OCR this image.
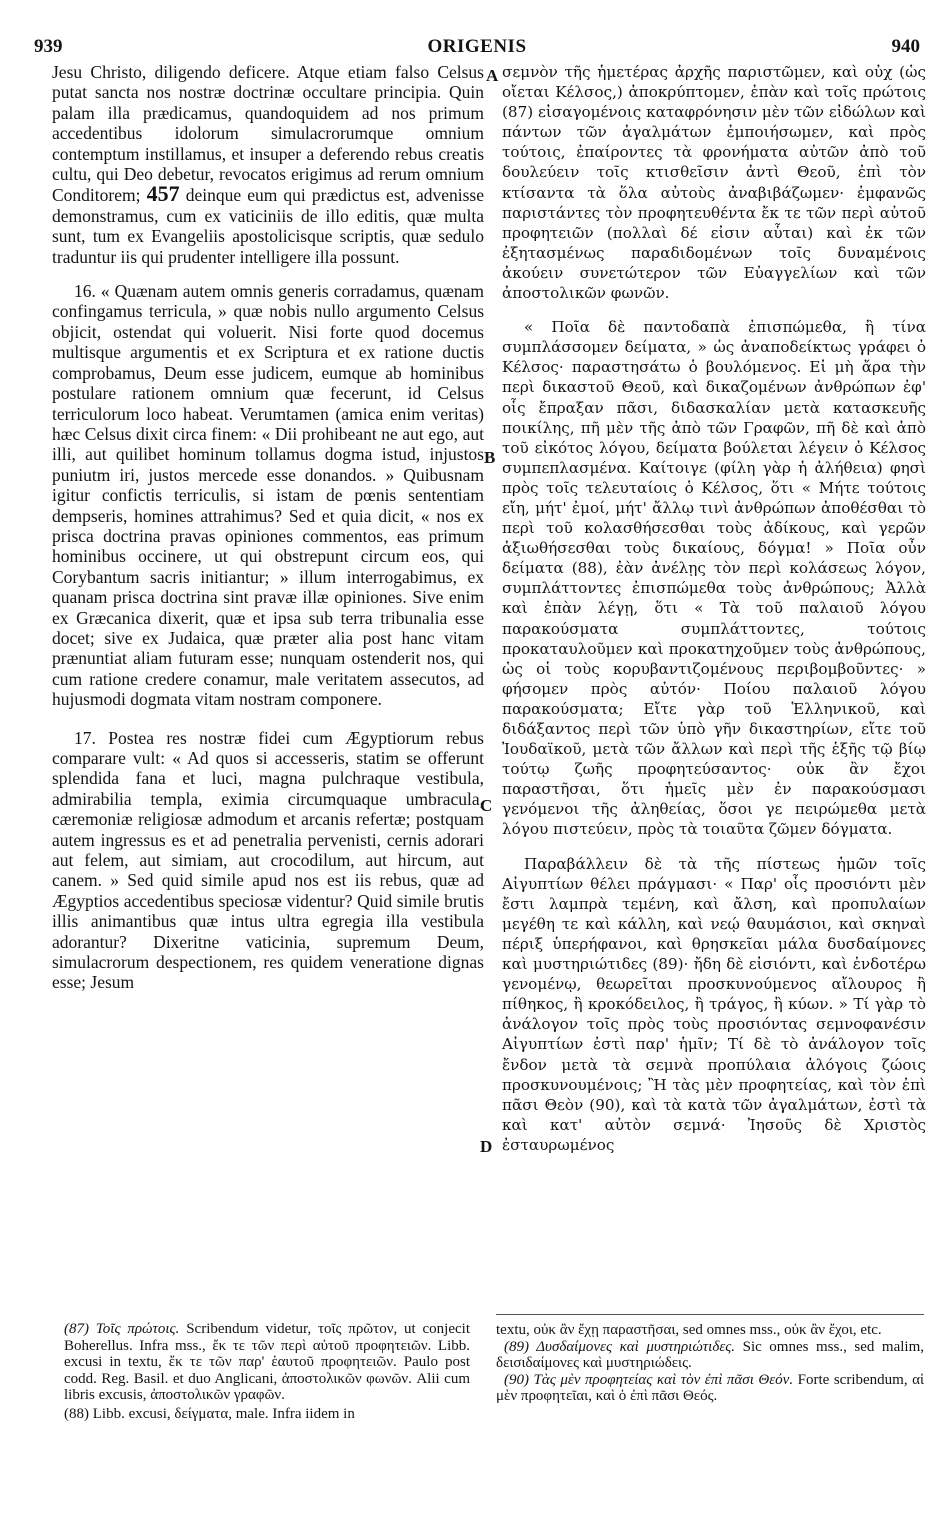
939	ORIGENIS	940

Jesu Christo, diligendo deficere. Atque etiam falso Celsus putat sancta nos nostræ doctrinæ occultare principia. Quin palam illa prædicamus, quandoquidem ad nos primum accedentibus idolorum simulacrorumque omnium contemptum instillamus, et insuper a deferendo rebus creatis cultu, qui Deo debetur, revocatos erigimus ad rerum omnium Conditorem; 457 deinque eum qui prædictus est, advenisse demonstramus, cum ex vaticiniis de illo editis, quæ multa sunt, tum ex Evangeliis apostolicisque scriptis, quæ sedulo traduntur iis qui prudenter intelligere illa possunt.

16. « Quænam autem omnis generis corradamus, quænam confingamus terricula, » quæ nobis nullo argumento Celsus objicit, ostendat qui voluerit. Nisi forte quod docemus multisque argumentis et ex Scriptura et ex ratione ductis comprobamus, Deum esse judicem, eumque ab hominibus postulare rationem omnium quæ fecerunt, id Celsus terriculorum loco habeat. Verumtamen (amica enim veritas) hæc Celsus dixit circa finem: « Dii prohibeant ne aut ego, aut illi, aut quilibet hominum tollamus dogma istud, injustos puniutm iri, justos mercede esse donandos. » Quibusnam igitur confictis terriculis, si istam de pœnis sententiam dempseris, homines attrahimus? Sed et quia dicit, « nos ex prisca doctrina pravas opiniones commentos, eas primum hominibus occinere, ut qui obstrepunt circum eos, qui Corybantum sacris initiantur; » illum interrogabimus, ex quanam prisca doctrina sint pravæ illæ opiniones. Sive enim ex Græcanica dixerit, quæ et ipsa sub terra tribunalia esse docet; sive ex Judaica, quæ præter alia post hanc vitam prænuntiat aliam futuram esse; nunquam ostenderit nos, qui cum ratione credere conamur, male veritatem assecutos, ad hujusmodi dogmata vitam nostram componere.

17. Postea res nostræ fidei cum Ægyptiorum rebus comparare vult: « Ad quos si accesseris, statim se offerunt splendida fana et luci, magna pulchraque vestibula, admirabilia templa, eximia circumquaque umbracula, cæremoniæ religiosæ admodum et arcanis refertæ; postquam autem ingressus es et ad penetralia pervenisti, cernis adorari aut felem, aut simiam, aut crocodilum, aut hircum, aut canem. » Sed quid simile apud nos est iis rebus, quæ ad Ægyptios accedentibus speciosæ videntur? Quid simile brutis illis animantibus quæ intus ultra egregia illa vestibula adorantur? Dixeritne vaticinia, supremum Deum, simulacrorum despectionem, res quidem veneratione dignas esse; Jesum

A
B
C
D

σεμνὸν τῆς ἡμετέρας ἀρχῆς παριστῶμεν, καὶ οὐχ (ὡς οἴεται Κέλσος,) ἀποκρύπτομεν, ἐπὰν καὶ τοῖς πρώτοις (87) εἰσαγομένοις καταφρόνησιν μὲν τῶν εἰδώλων καὶ πάντων τῶν ἀγαλμάτων ἐμποιήσωμεν, καὶ πρὸς τούτοις, ἐπαίροντες τὰ φρονήματα αὐτῶν ἀπὸ τοῦ δουλεύειν τοῖς κτισθεῖσιν ἀντὶ Θεοῦ, ἐπὶ τὸν κτίσαντα τὰ ὅλα αὐτοὺς ἀναβιβάζωμεν· ἐμφανῶς παριστάντες τὸν προφητευθέντα ἔκ τε τῶν περὶ αὐτοῦ προφητειῶν (πολλαὶ δέ εἰσιν αὗται) καὶ ἐκ τῶν ἐξητασμένως παραδιδομένων τοῖς δυναμένοις ἀκούειν συνετώτερον τῶν Εὐαγγελίων καὶ τῶν ἀποστολικῶν φωνῶν.

« Ποῖα δὲ παντοδαπὰ ἐπισπώμεθα, ἢ τίνα συμπλάσσομεν δείματα, » ὡς ἀναποδείκτως γράφει ὁ Κέλσος· παραστησάτω ὁ βουλόμενος. Εἰ μὴ ἄρα τὴν περὶ δικαστοῦ Θεοῦ, καὶ δικαζομένων ἀνθρώπων ἐφ' οἷς ἔπραξαν πᾶσι, διδασκαλίαν μετὰ κατασκευῆς ποικίλης, πῆ μὲν τῆς ἀπὸ τῶν Γραφῶν, πῆ δὲ καὶ ἀπὸ τοῦ εἰκότος λόγου, δείματα βούλεται λέγειν ὁ Κέλσος συμπεπλασμένα. Καίτοιγε (φίλη γὰρ ἡ ἀλήθεια) φησὶ πρὸς τοῖς τελευταίοις ὁ Κέλσος, ὅτι « Μήτε τούτοις εἴη, μήτ' ἐμοί, μήτ' ἄλλῳ τινὶ ἀνθρώπων ἀποθέσθαι τὸ περὶ τοῦ κολασθήσεσθαι τοὺς ἀδίκους, καὶ γερῶν ἀξιωθήσεσθαι τοὺς δικαίους, δόγμα! » Ποῖα οὖν δείματα (88), ἐὰν ἀνέλῃς τὸν περὶ κολάσεως λόγον, συμπλάττοντες ἐπισπώμεθα τοὺς ἀνθρώπους; Ἀλλὰ καὶ ἐπὰν λέγῃ, ὅτι « Τὰ τοῦ παλαιοῦ λόγου παρακούσματα συμπλάττοντες, τούτοις προκαταυλοῦμεν καὶ προκατηχοῦμεν τοὺς ἀνθρώπους, ὡς οἱ τοὺς κορυβαντιζομένους περιβομβοῦντες· » φήσομεν πρὸς αὐτόν· Ποίου παλαιοῦ λόγου παρακούσματα; Εἴτε γὰρ τοῦ Ἑλληνικοῦ, καὶ διδάξαντος περὶ τῶν ὑπὸ γῆν δικαστηρίων, εἴτε τοῦ Ἰουδαϊκοῦ, μετὰ τῶν ἄλλων καὶ περὶ τῆς ἑξῆς τῷ βίῳ τούτῳ ζωῆς προφητεύσαντος· οὐκ ἂν ἔχοι παραστῆσαι, ὅτι ἡμεῖς μὲν ἐν παρακούσμασι γενόμενοι τῆς ἀληθείας, ὅσοι γε πειρώμεθα μετὰ λόγου πιστεύειν, πρὸς τὰ τοιαῦτα ζῶμεν δόγματα.

Παραβάλλειν δὲ τὰ τῆς πίστεως ἡμῶν τοῖς Αἰγυπτίων θέλει πράγμασι· « Παρ' οἷς προσιόντι μὲν ἔστι λαμπρὰ τεμένη, καὶ ἄλση, καὶ προπυλαίων μεγέθη τε καὶ κάλλη, καὶ νεῴ θαυμάσιοι, καὶ σκηναὶ πέριξ ὑπερήφανοι, καὶ θρησκεῖαι μάλα δυσδαίμονες καὶ μυστηριώτιδες (89)· ἤδη δὲ εἰσιόντι, καὶ ἐνδοτέρω γενομένῳ, θεωρεῖται προσκυνούμενος αἴλουρος ἢ πίθηκος, ἢ κροκόδειλος, ἢ τράγος, ἢ κύων. » Τί γὰρ τὸ ἀνάλογον τοῖς πρὸς τοὺς προσιόντας σεμνοφανέσιν Αἰγυπτίων ἐστὶ παρ' ἡμῖν; Τί δὲ τὸ ἀνάλογον τοῖς ἔνδον μετὰ τὰ σεμνὰ προπύλαια ἀλόγοις ζώοις προσκυνουμένοις; Ἢ τὰς μὲν προφητείας, καὶ τὸν ἐπὶ πᾶσι Θεὸν (90), καὶ τὰ κατὰ τῶν ἀγαλμάτων, ἐστὶ τὰ καὶ κατ' αὐτὸν σεμνά· Ἰησοῦς δὲ Χριστὸς ἐσταυρωμένος

(87) Τοῖς πρώτοις. Scribendum videtur, τοῖς πρῶτον, ut conjecit Boherellus. Infra mss., ἔκ τε τῶν περὶ αὐτοῦ προφητειῶν. Libb. excusi in textu, ἔκ τε τῶν παρ' ἑαυτοῦ προφητειῶν. Paulo post codd. Reg. Basil. et duo Anglicani, ἀποστολικῶν φωνῶν. Alii cum libris excusis, ἀποστολικῶν γραφῶν.

(88) Libb. excusi, δείγματα, male. Infra iidem in

textu, οὐκ ἂν ἔχῃ παραστῆσαι, sed omnes mss., οὐκ ἂν ἔχοι, etc.

(89) Δυσδαίμονες καὶ μυστηριώτιδες. Sic omnes mss., sed malim, δεισιδαίμονες καὶ μυστηριώδεις.

(90) Τὰς μὲν προφητείας καὶ τὸν ἐπὶ πᾶσι Θεόν. Forte scribendum, αἱ μὲν προφητεῖαι, καὶ ὁ ἐπὶ πᾶσι Θεός.
